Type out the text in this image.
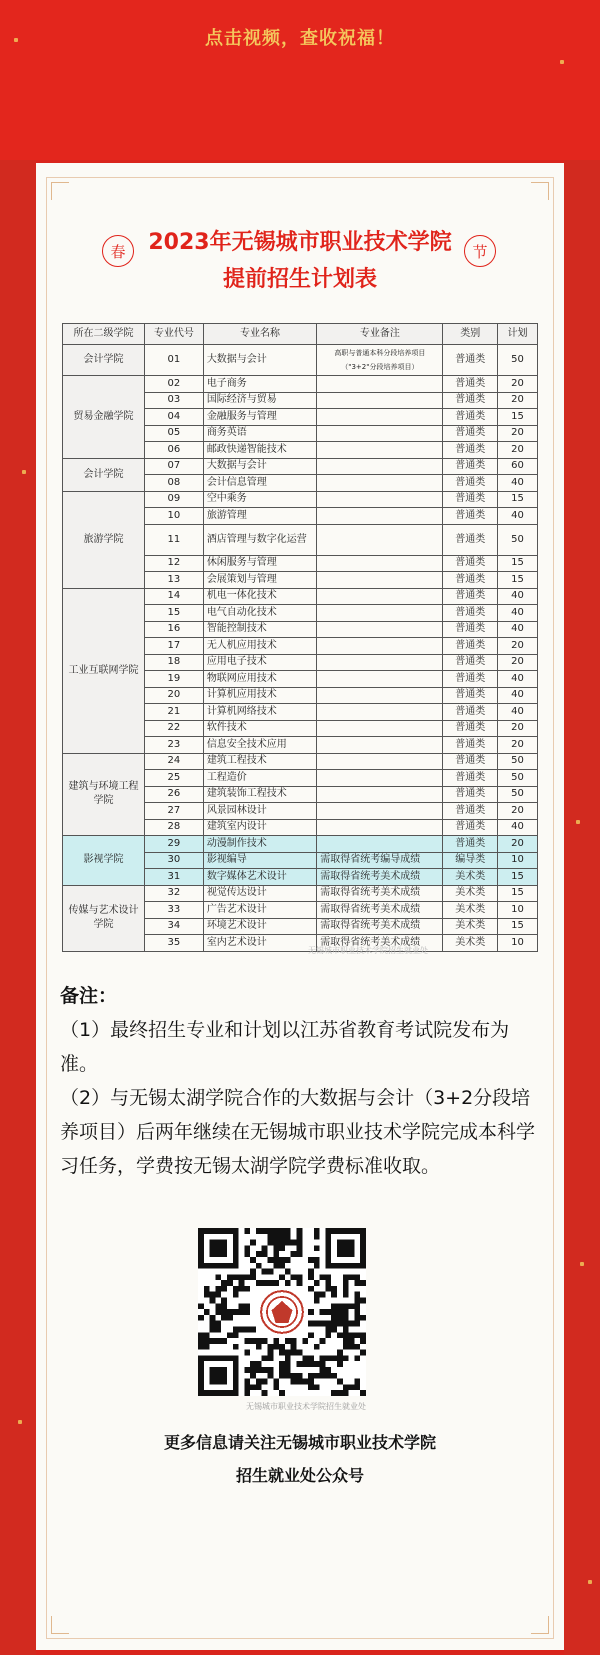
点击视频，查收祝福！
春	节
2023年无锡城市职业技术学院
提前招生计划表
所在二级学院	专业代号	专业名称	专业备注	类别	计划
会计学院	01	大数据与会计	高职与普通本科分段培养项目（"3+2"分段培养项目）	普通类	50
贸易金融学院	02	电子商务		普通类	20
	03	国际经济与贸易		普通类	20
	04	金融服务与管理		普通类	15
	05	商务英语		普通类	20
	06	邮政快递智能技术		普通类	20
会计学院	07	大数据与会计		普通类	60
	08	会计信息管理		普通类	40
旅游学院	09	空中乘务		普通类	15
	10	旅游管理		普通类	40
	11	酒店管理与数字化运营		普通类	50
	12	休闲服务与管理		普通类	15
	13	会展策划与管理		普通类	15
工业互联网学院	14	机电一体化技术		普通类	40
	15	电气自动化技术		普通类	40
	16	智能控制技术		普通类	40
	17	无人机应用技术		普通类	20
	18	应用电子技术		普通类	20
	19	物联网应用技术		普通类	40
	20	计算机应用技术		普通类	40
	21	计算机网络技术		普通类	40
	22	软件技术		普通类	20
	23	信息安全技术应用		普通类	20
建筑与环境工程学院	24	建筑工程技术		普通类	50
	25	工程造价		普通类	50
	26	建筑装饰工程技术		普通类	50
	27	风景园林设计		普通类	20
	28	建筑室内设计		普通类	40
影视学院	29	动漫制作技术		普通类	20
	30	影视编导	需取得省统考编导成绩	编导类	10
	31	数字媒体艺术设计	需取得省统考美术成绩	美术类	15
传媒与艺术设计学院	32	视觉传达设计	需取得省统考美术成绩	美术类	15
	33	广告艺术设计	需取得省统考美术成绩	美术类	10
	34	环境艺术设计	需取得省统考美术成绩	美术类	15
	35	室内艺术设计	需取得省统考美术成绩	美术类	10
无锡城市职业技术学院招生就业处
备注：

（1）最终招生专业和计划以江苏省教育考试院发布为准。

（2）与无锡太湖学院合作的大数据与会计（3+2分段培养项目）后两年继续在无锡城市职业技术学院完成本科学习任务，学费按无锡太湖学院学费标准收取。

无锡城市职业技术学院招生就业处
更多信息请关注无锡城市职业技术学院
招生就业处公众号
